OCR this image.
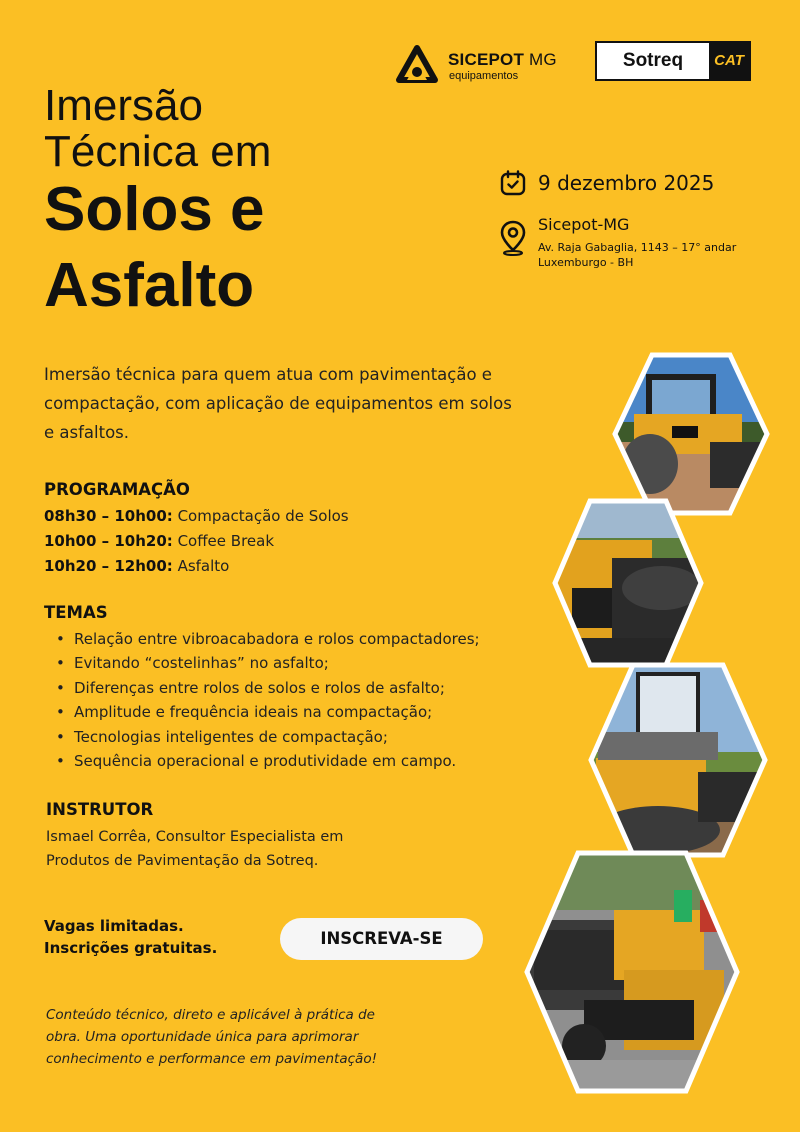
SICEPOT MG
equipamentos
Sotreq	CAT
Imersão
Técnica em
Solos e
Asfalto
9 dezembro 2025
Sicepot-MG
Av. Raja Gabaglia, 1143 – 17° andar
Luxemburgo - BH
Imersão técnica para quem atua com pavimentação e compactação, com aplicação de equipamentos em solos e asfaltos.
PROGRAMAÇÃO
08h30 – 10h00: Compactação de Solos
10h00 – 10h20: Coffee Break
10h20 – 12h00: Asfalto
TEMAS
• Relação entre vibroacabadora e rolos compactadores;
• Evitando “costelinhas” no asfalto;
• Diferenças entre rolos de solos e rolos de asfalto;
• Amplitude e frequência ideais na compactação;
• Tecnologias inteligentes de compactação;
• Sequência operacional e produtividade em campo.
INSTRUTOR
Ismael Corrêa, Consultor Especialista em Produtos de Pavimentação da Sotreq.
Vagas limitadas.
Inscrições gratuitas.	INSCREVA-SE
Conteúdo técnico, direto e aplicável à prática de obra. Uma oportunidade única para aprimorar conhecimento e performance em pavimentação!
